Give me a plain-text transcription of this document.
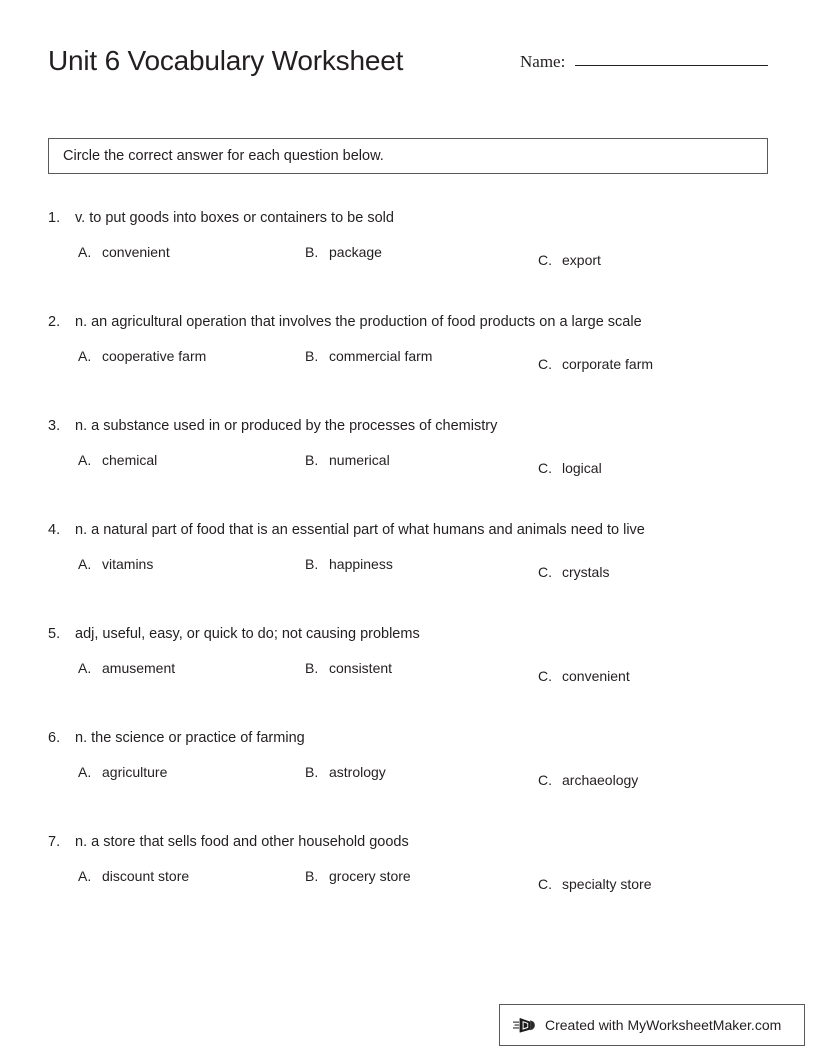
Unit 6 Vocabulary Worksheet	Name:
Circle the correct answer for each question below.
1.	v. to put goods into boxes or containers to be sold
A. convenient	B. package	C. export
2.	n. an agricultural operation that involves the production of food products on a large scale
A. cooperative farm	B. commercial farm	C. corporate farm
3.	n. a substance used in or produced by the processes of chemistry
A. chemical	B. numerical	C. logical
4.	n. a natural part of food that is an essential part of what humans and animals need to live
A. vitamins	B. happiness	C. crystals
5.	adj, useful, easy, or quick to do; not causing problems
A. amusement	B. consistent	C. convenient
6.	n. the science or practice of farming
A. agriculture	B. astrology	C. archaeology
7.	n. a store that sells food and other household goods
A. discount store	B. grocery store	C. specialty store
Created with MyWorksheetMaker.com
